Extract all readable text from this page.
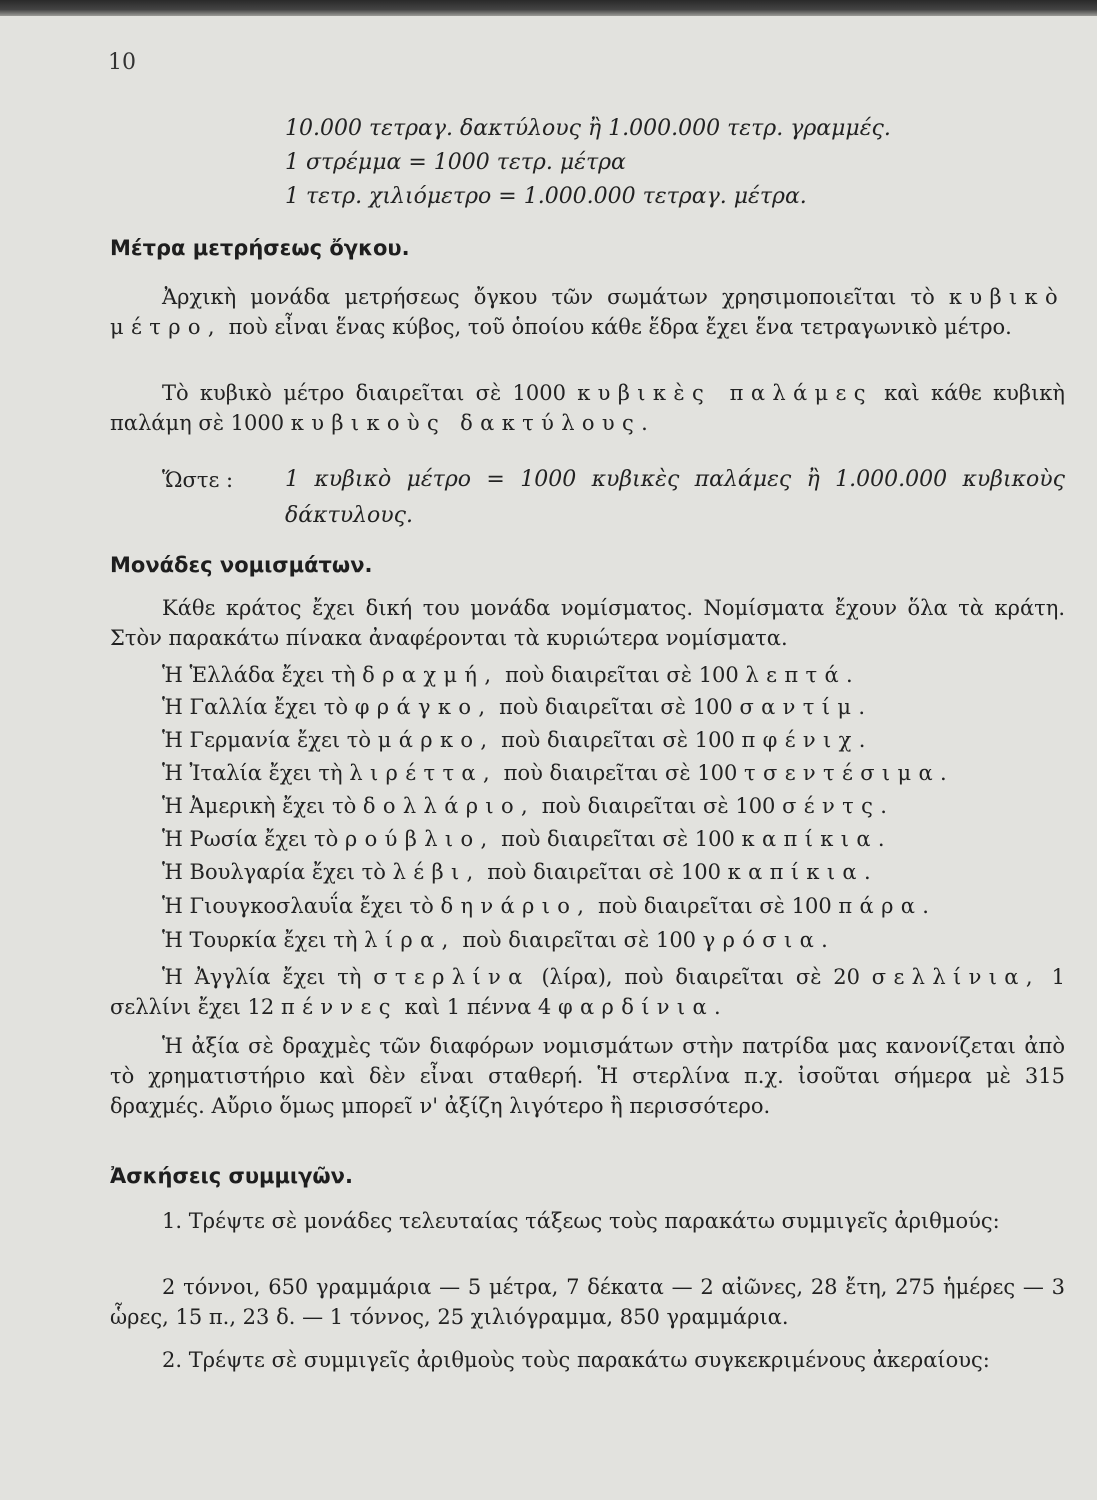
10
10.000 τετραγ. δακτύλους ἢ 1.000.000 τετρ. γραμμές.
1 στρέμμα = 1000 τετρ. μέτρα
1 τετρ. χιλιόμετρο = 1.000.000 τετραγ. μέτρα.
Μέτρα μετρήσεως ὄγκου.

Ἀρχικὴ μονάδα μετρήσεως ὄγκου τῶν σωμάτων χρησιμοποιεῖται τὸ κυβικὸ μέτρο, ποὺ εἶναι ἕνας κύβος, τοῦ ὁποίου κάθε ἕδρα ἔχει ἕνα τετραγωνικὸ μέτρο.

Τὸ κυβικὸ μέτρο διαιρεῖται σὲ 1000 κυβικὲς παλάμες καὶ κάθε κυβικὴ παλάμη σὲ 1000 κυβικοὺς δακτύλους.

Ὥστε : 1 κυβικὸ μέτρο = 1000 κυβικὲς παλάμες ἢ 1.000.000 κυβικοὺς δάκτυλους.

Μονάδες νομισμάτων.

Κάθε κράτος ἔχει δική του μονάδα νομίσματος. Νομίσματα ἔχουν ὅλα τὰ κράτη. Στὸν παρακάτω πίνακα ἀναφέρονται τὰ κυριώτερα νομίσματα.

Ἡ Ἑλλάδα ἔχει τὴ δραχμή, ποὺ διαιρεῖται σὲ 100 λεπτά.
Ἡ Γαλλία ἔχει τὸ φράγκο, ποὺ διαιρεῖται σὲ 100 σαντίμ.
Ἡ Γερμανία ἔχει τὸ μάρκο, ποὺ διαιρεῖται σὲ 100 πφένιχ.
Ἡ Ἰταλία ἔχει τὴ λιρέττα, ποὺ διαιρεῖται σὲ 100 τσεντέσιμα.
Ἡ Ἀμερικὴ ἔχει τὸ δολλάριο, ποὺ διαιρεῖται σὲ 100 σέντς.
Ἡ Ρωσία ἔχει τὸ ρούβλιο, ποὺ διαιρεῖται σὲ 100 καπίκια.
Ἡ Βουλγαρία ἔχει τὸ λέβι, ποὺ διαιρεῖται σὲ 100 καπίκια.
Ἡ Γιουγκοσλαυΐα ἔχει τὸ δηνάριο, ποὺ διαιρεῖται σὲ 100 πάρα.
Ἡ Τουρκία ἔχει τὴ λίρα, ποὺ διαιρεῖται σὲ 100 γρόσια.

Ἡ Ἀγγλία ἔχει τὴ στερλίνα (λίρα), ποὺ διαιρεῖται σὲ 20 σελλίνια, 1 σελλίνι ἔχει 12 πέννες καὶ 1 πέννα 4 φαρδίνια.

Ἡ ἀξία σὲ δραχμὲς τῶν διαφόρων νομισμάτων στὴν πατρίδα μας κανονίζεται ἀπὸ τὸ χρηματιστήριο καὶ δὲν εἶναι σταθερή. Ἡ στερλίνα π.χ. ἰσοῦται σήμερα μὲ 315 δραχμές. Αὔριο ὅμως μπορεῖ ν' ἀξίζη λιγότερο ἢ περισσότερο.

Ἀσκήσεις συμμιγῶν.

1. Τρέψτε σὲ μονάδες τελευταίας τάξεως τοὺς παρακάτω συμμιγεῖς ἀριθμούς:

2 τόννοι, 650 γραμμάρια — 5 μέτρα, 7 δέκατα — 2 αἰῶνες, 28 ἔτη, 275 ἡμέρες — 3 ὧρες, 15 π., 23 δ. — 1 τόννος, 25 χιλιόγραμμα, 850 γραμμάρια.

2. Τρέψτε σὲ συμμιγεῖς ἀριθμοὺς τοὺς παρακάτω συγκεκριμένους ἀκεραίους:
